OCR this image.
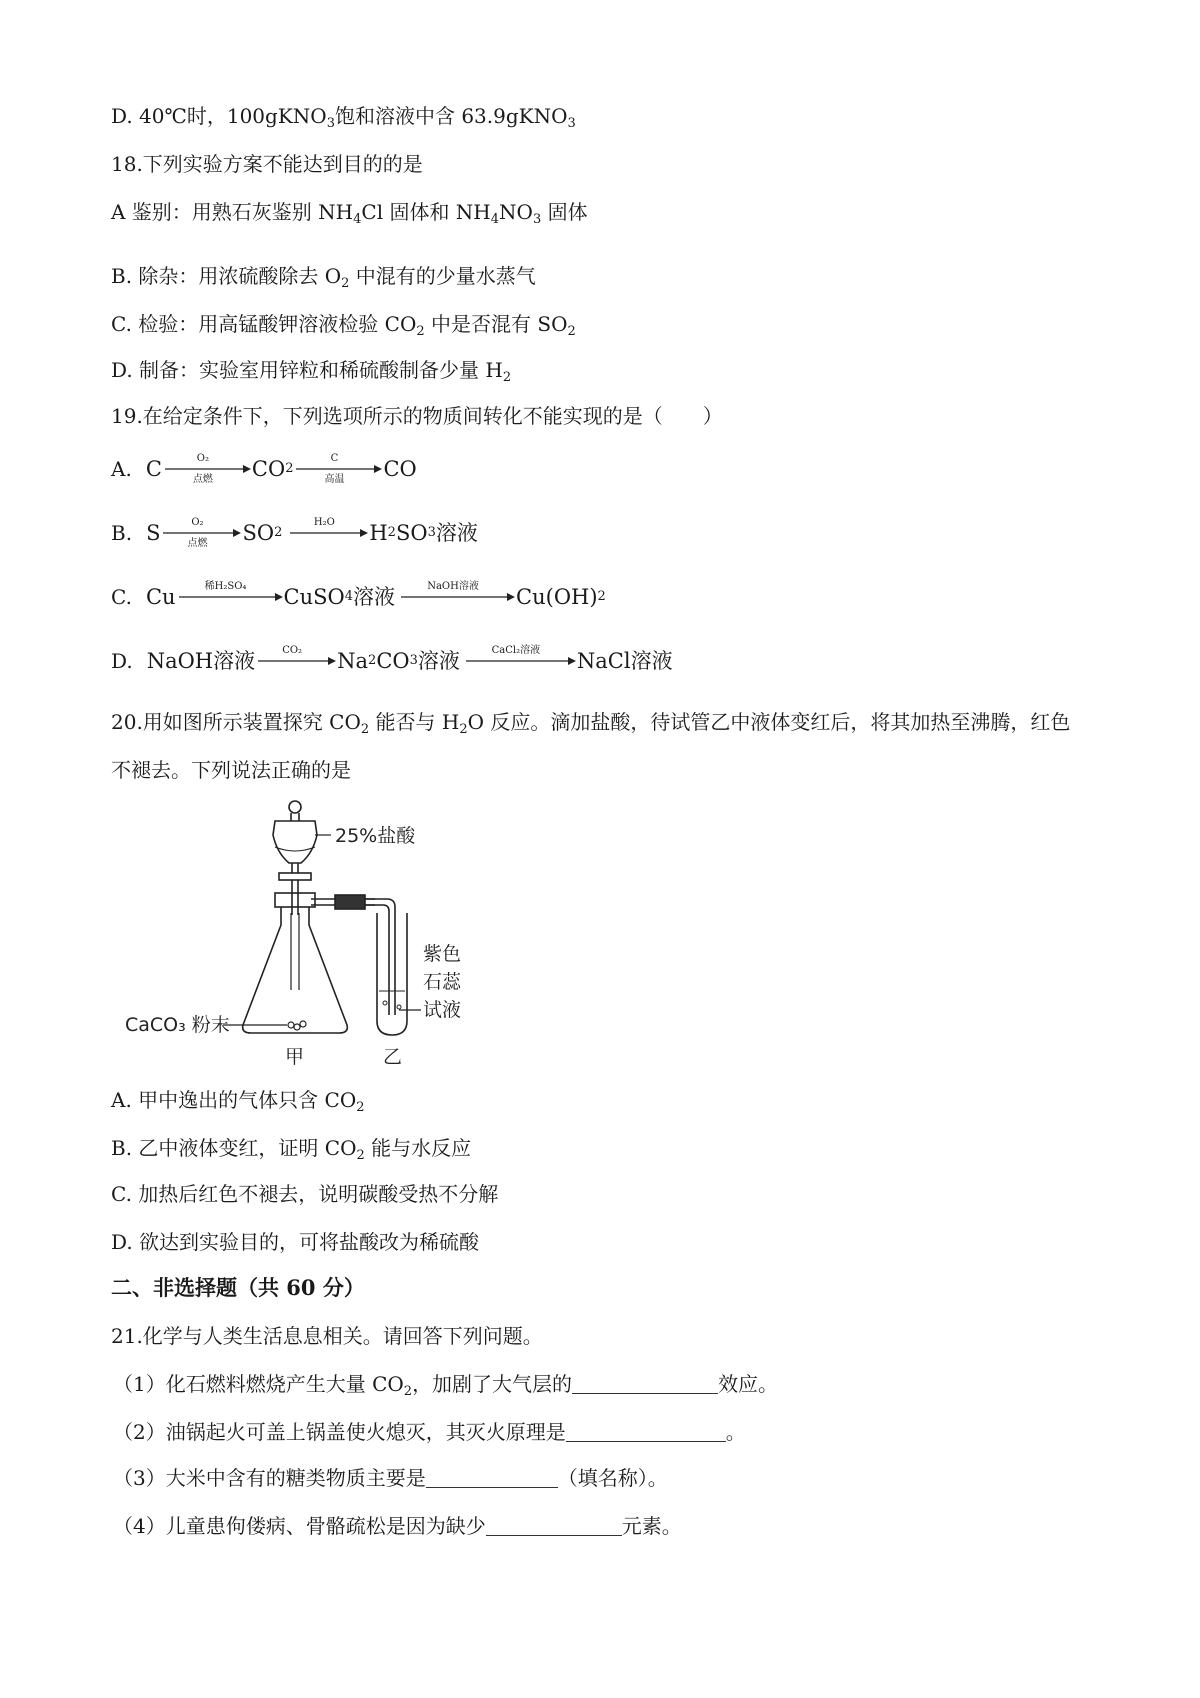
D. 40℃时，100gKNO$_3$饱和溶液中含 63.9gKNO$_3$
18.下列实验方案不能达到目的的是
A 鉴别：用熟石灰鉴别 $NH_4Cl$ 固体和 $NH_4NO_3$ 固体
B. 除杂：用浓硫酸除去 $O_2$ 中混有的少量水蒸气
C. 检验：用高锰酸钾溶液检验 $CO_2$ 中是否混有 $SO_2$
D. 制备：实验室用锌粒和稀硫酸制备少量 $H_2$
19.在给定条件下，下列选项所示的物质间转化不能实现的是（　　）
A. C	O₂
点燃	CO 2
C
高温	CO
B. S	O₂
点燃	SO 2
H₂O	H 2 SO 3 溶液
C. Cu	稀H₂SO₄	CuSO 4 溶液	NaOH溶液	Cu(OH) 2
D. NaOH溶液	CO₂	Na 2 CO 3 溶液	CaCl₂溶液	NaCl溶液
20.用如图所示装置探究 $CO_2$ 能否与 $H_2O$ 反应。滴加盐酸，待试管乙中液体变红后，将其加热至沸腾，红色
不褪去。下列说法正确的是
25%盐酸
CaCO₃ 粉末
紫色
石蕊
试液
甲	乙
A. 甲中逸出的气体只含 $CO_2$
B. 乙中液体变红，证明 $CO_2$ 能与水反应
C. 加热后红色不褪去，说明碳酸受热不分解
D. 欲达到实验目的，可将盐酸改为稀硫酸
二、非选择题（共 60 分）
21.化学与人类生活息息相关。请回答下列问题。
（1）化石燃料燃烧产生大量 $CO_2$，加剧了大气层的	效应。
（2）油锅起火可盖上锅盖使火熄灭，其灭火原理是	。
（3）大米中含有的糖类物质主要是	（填名称）。
（4）儿童患佝偻病、骨骼疏松是因为缺少	元素。
